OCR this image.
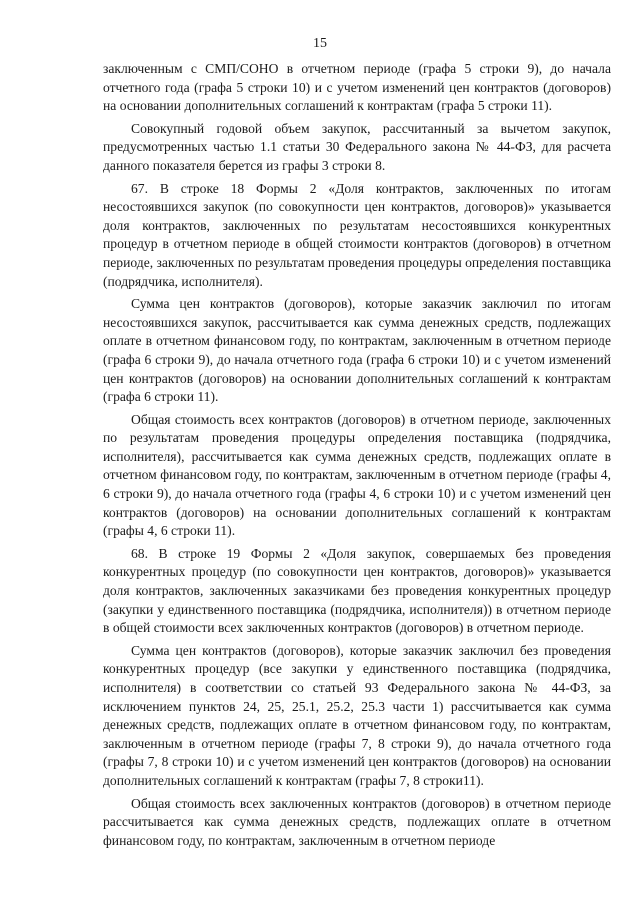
15

заключенным с СМП/СОНО в отчетном периоде (графа 5 строки 9), до начала отчетного года (графа 5 строки 10) и с учетом изменений цен контрактов (договоров) на основании дополнительных соглашений к контрактам (графа 5 строки 11).

Совокупный годовой объем закупок, рассчитанный за вычетом закупок, предусмотренных частью 1.1 статьи 30 Федерального закона № 44-ФЗ, для расчета данного показателя берется из графы 3 строки 8.

67. В строке 18 Формы 2 «Доля контрактов, заключенных по итогам несостоявшихся закупок (по совокупности цен контрактов, договоров)» указывается доля контрактов, заключенных по результатам несостоявшихся конкурентных процедур в отчетном периоде в общей стоимости контрактов (договоров) в отчетном периоде, заключенных по результатам проведения процедуры определения поставщика (подрядчика, исполнителя).

Сумма цен контрактов (договоров), которые заказчик заключил по итогам несостоявшихся закупок, рассчитывается как сумма денежных средств, подлежащих оплате в отчетном финансовом году, по контрактам, заключенным в отчетном периоде (графа 6 строки 9), до начала отчетного года (графа 6 строки 10) и с учетом изменений цен контрактов (договоров) на основании дополнительных соглашений к контрактам (графа 6 строки 11).

Общая стоимость всех контрактов (договоров) в отчетном периоде, заключенных по результатам проведения процедуры определения поставщика (подрядчика, исполнителя), рассчитывается как сумма денежных средств, подлежащих оплате в отчетном финансовом году, по контрактам, заключенным в отчетном периоде (графы 4, 6 строки 9), до начала отчетного года (графы 4, 6 строки 10) и с учетом изменений цен контрактов (договоров) на основании дополнительных соглашений к контрактам (графы 4, 6 строки 11).

68. В строке 19 Формы 2 «Доля закупок, совершаемых без проведения конкурентных процедур (по совокупности цен контрактов, договоров)» указывается доля контрактов, заключенных заказчиками без проведения конкурентных процедур (закупки у единственного поставщика (подрядчика, исполнителя)) в отчетном периоде в общей стоимости всех заключенных контрактов (договоров) в отчетном периоде.

Сумма цен контрактов (договоров), которые заказчик заключил без проведения конкурентных процедур (все закупки у единственного поставщика (подрядчика, исполнителя) в соответствии со статьей 93 Федерального закона № 44-ФЗ, за исключением пунктов 24, 25, 25.1, 25.2, 25.3 части 1) рассчитывается как сумма денежных средств, подлежащих оплате в отчетном финансовом году, по контрактам, заключенным в отчетном периоде (графы 7, 8 строки 9), до начала отчетного года (графы 7, 8 строки 10) и с учетом изменений цен контрактов (договоров) на основании дополнительных соглашений к контрактам (графы 7, 8 строки11).

Общая стоимость всех заключенных контрактов (договоров) в отчетном периоде рассчитывается как сумма денежных средств, подлежащих оплате в отчетном финансовом году, по контрактам, заключенным в отчетном периоде
